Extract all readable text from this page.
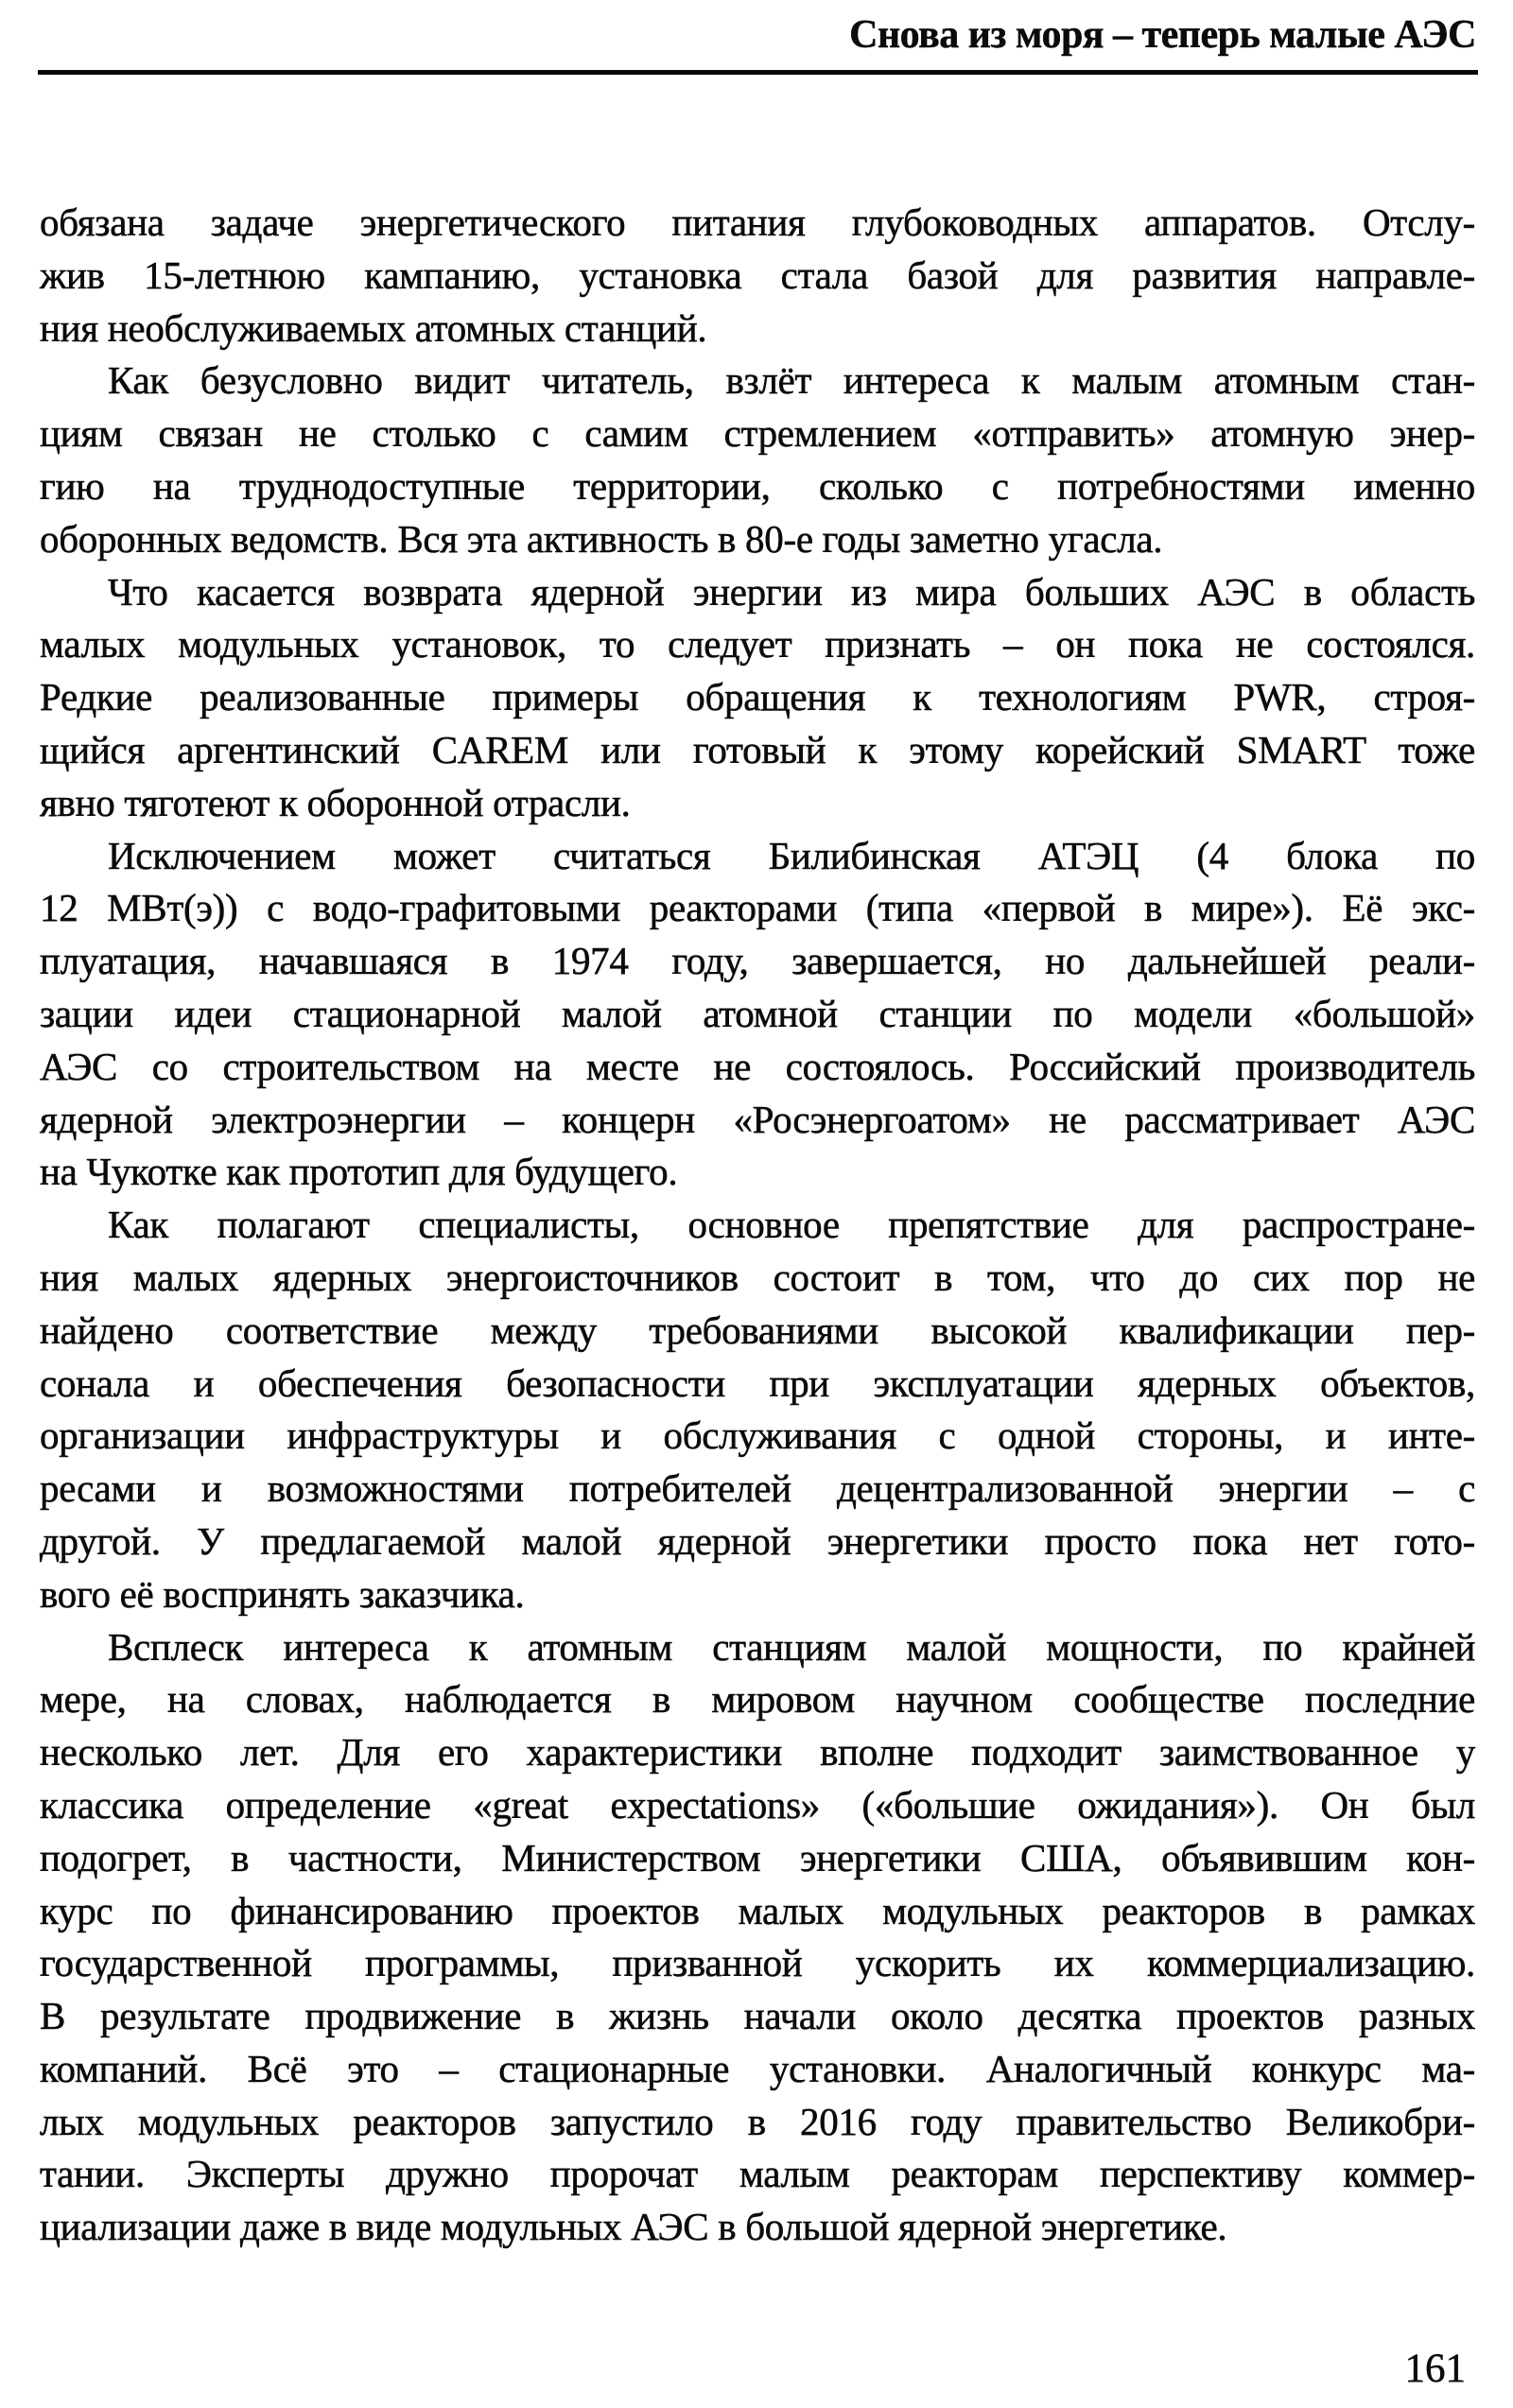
Снова из моря – теперь малые АЭС
обязана задаче энергетического питания глубоководных аппаратов. Отслу-
жив 15-летнюю кампанию, установка стала базой для развития направле-
ния необслуживаемых атомных станций.
Как безусловно видит читатель, взлёт интереса к малым атомным стан-
циям связан не столько с самим стремлением «отправить» атомную энер-
гию на труднодоступные территории, сколько с потребностями именно
оборонных ведомств. Вся эта активность в 80-е годы заметно угасла.
Что касается возврата ядерной энергии из мира больших АЭС в область
малых модульных установок, то следует признать – он пока не состоялся.
Редкие реализованные примеры обращения к технологиям PWR, строя-
щийся аргентинский CAREM или готовый к этому корейский SMART тоже
явно тяготеют к оборонной отрасли.
Исключением может считаться Билибинская АТЭЦ (4 блока по
12 МВт(э)) с водо-графитовыми реакторами (типа «первой в мире»). Её экс-
плуатация, начавшаяся в 1974 году, завершается, но дальнейшей реали-
зации идеи стационарной малой атомной станции по модели «большой»
АЭС со строительством на месте не состоялось. Российский производитель
ядерной электроэнергии – концерн «Росэнергоатом» не рассматривает АЭС
на Чукотке как прототип для будущего.
Как полагают специалисты, основное препятствие для распростране-
ния малых ядерных энергоисточников состоит в том, что до сих пор не
найдено соответствие между требованиями высокой квалификации пер-
сонала и обеспечения безопасности при эксплуатации ядерных объектов,
организации инфраструктуры и обслуживания с одной стороны, и инте-
ресами и возможностями потребителей децентрализованной энергии – с
другой. У предлагаемой малой ядерной энергетики просто пока нет гото-
вого её воспринять заказчика.
Всплеск интереса к атомным станциям малой мощности, по крайней
мере, на словах, наблюдается в мировом научном сообществе последние
несколько лет. Для его характеристики вполне подходит заимствованное у
классика определение «great expectations» («большие ожидания»). Он был
подогрет, в частности, Министерством энергетики США, объявившим кон-
курс по финансированию проектов малых модульных реакторов в рамках
государственной программы, призванной ускорить их коммерциализацию.
В результате продвижение в жизнь начали около десятка проектов разных
компаний. Всё это – стационарные установки. Аналогичный конкурс ма-
лых модульных реакторов запустило в 2016 году правительство Великобри-
тании. Эксперты дружно пророчат малым реакторам перспективу коммер-
циализации даже в виде модульных АЭС в большой ядерной энергетике.
161
